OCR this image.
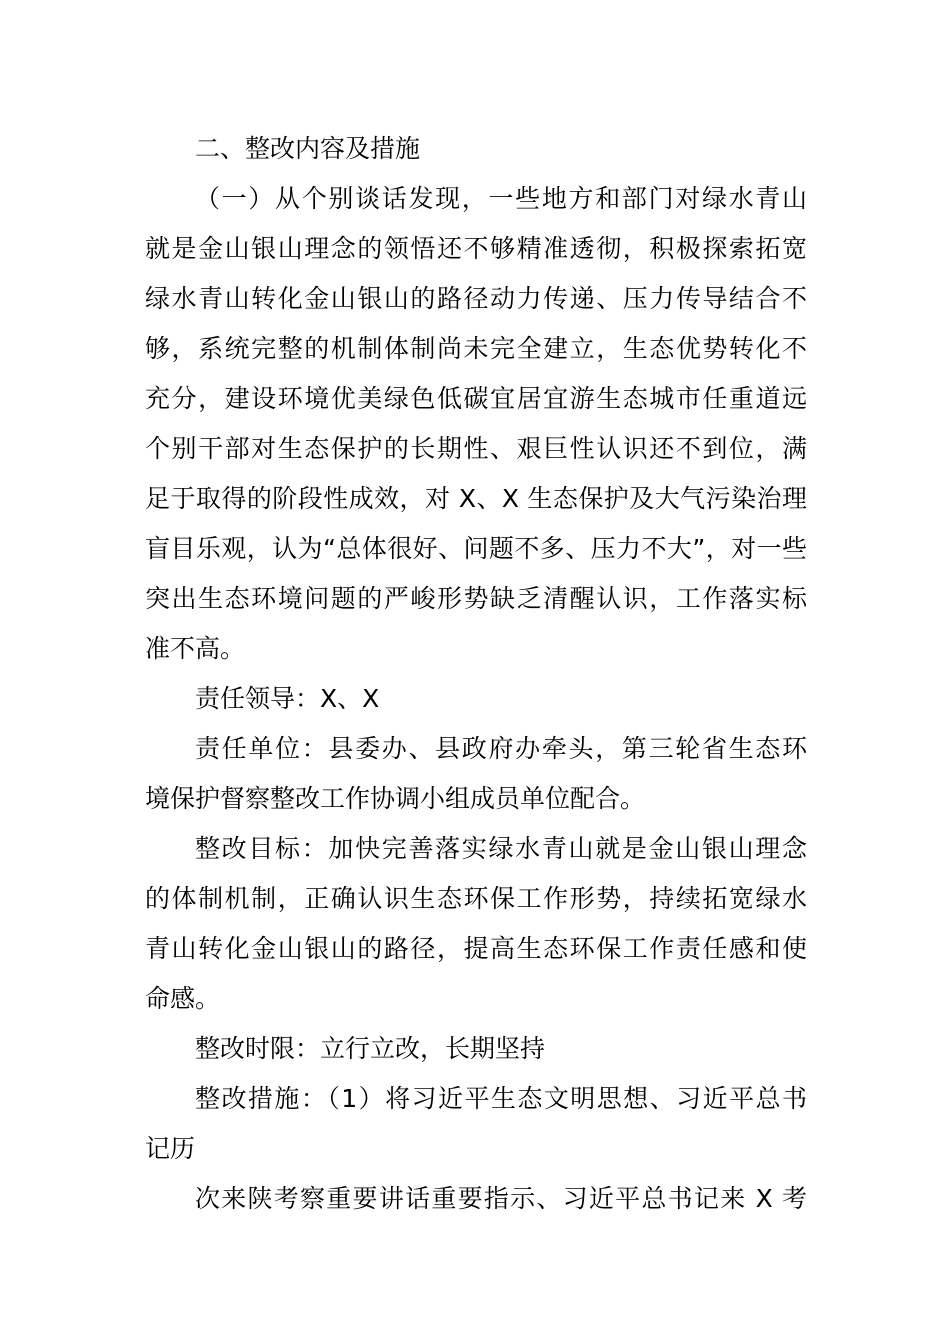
二、整改内容及措施
（一）从个别谈话发现，一些地方和部门对绿水青山
就是金山银山理念的领悟还不够精准透彻，积极探索拓宽
绿水青山转化金山银山的路径动力传递、压力传导结合不
够，系统完整的机制体制尚未完全建立，生态优势转化不
充分，建设环境优美绿色低碳宜居宜游生态城市任重道远
个别干部对生态保护的长期性、艰巨性认识还不到位，满
足于取得的阶段性成效，对 X、X 生态保护及大气污染治理
盲目乐观，认为“总体很好、问题不多、压力不大”，对一些
突出生态环境问题的严峻形势缺乏清醒认识，工作落实标
准不高。
责任领导：X、X
责任单位：县委办、县政府办牵头，第三轮省生态环
境保护督察整改工作协调小组成员单位配合。
整改目标：加快完善落实绿水青山就是金山银山理念
的体制机制，正确认识生态环保工作形势，持续拓宽绿水
青山转化金山银山的路径，提高生态环保工作责任感和使
命感。
整改时限：立行立改，长期坚持
整改措施：（1）将习近平生态文明思想、习近平总书
记历
次来陕考察重要讲话重要指示、习近平总书记来 X 考
